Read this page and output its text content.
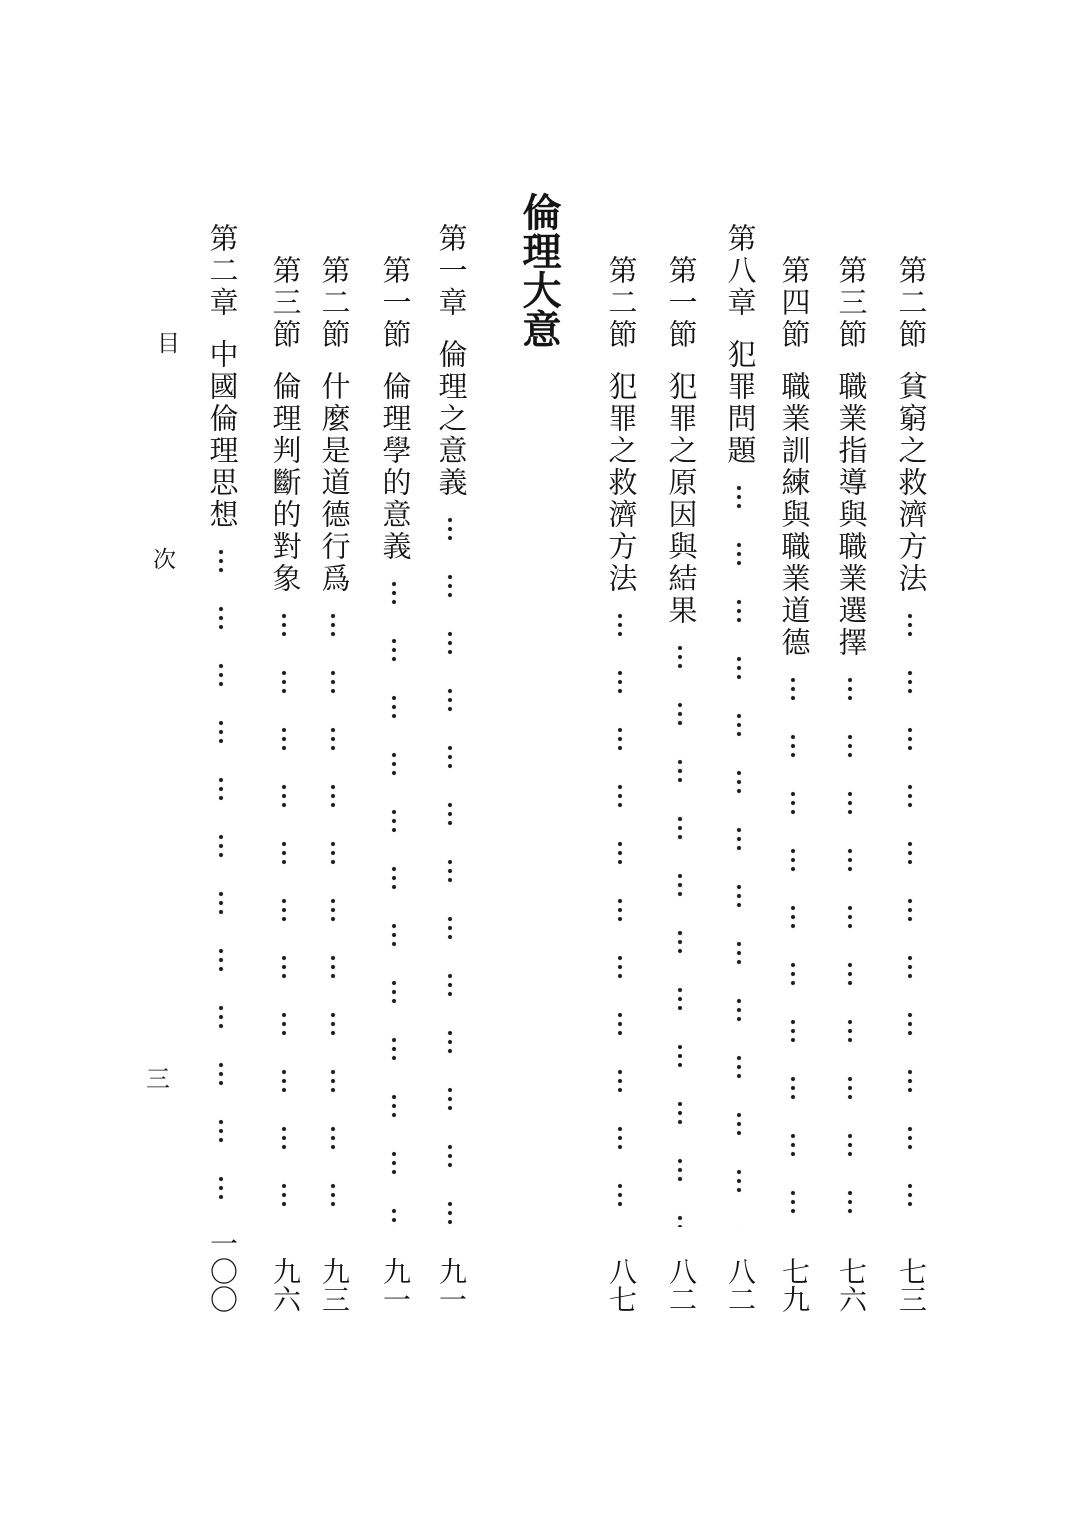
目
次
三
第二節
貧窮之救濟方法
七三
第三節
職業指導與職業選擇
七六
第四節
職業訓練與職業道德
七九
第八章
犯罪問題
八二
第一節
犯罪之原因與結果
八二
第二節
犯罪之救濟方法
八七
倫理大意
第一章
倫理之意義
九一
第一節
倫理學的意義
九一
第二節
什麼是道德行爲
九三
第三節
倫理判斷的對象
九六
第二章
中國倫理思想
一〇〇
